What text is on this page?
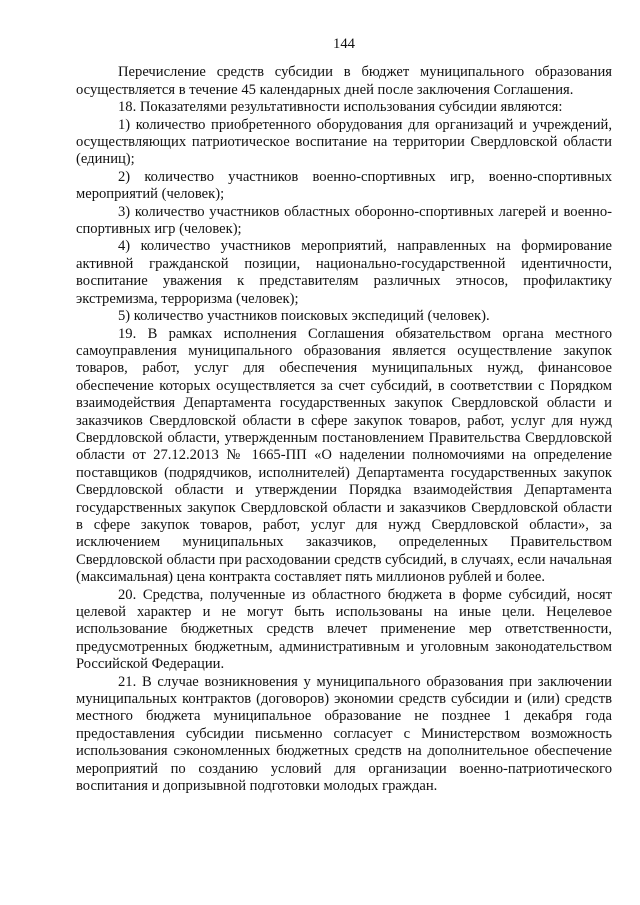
144

Перечисление средств субсидии в бюджет муниципального образования осуществляется в течение 45 календарных дней после заключения Соглашения.

18. Показателями результативности использования субсидии являются:

1) количество приобретенного оборудования для организаций и учреждений, осуществляющих патриотическое воспитание на территории Свердловской области (единиц);

2) количество участников военно-спортивных игр, военно-спортивных мероприятий (человек);

3) количество участников областных оборонно-спортивных лагерей и военно-спортивных игр (человек);

4) количество участников мероприятий, направленных на формирование активной гражданской позиции, национально-государственной идентичности, воспитание уважения к представителям различных этносов, профилактику экстремизма, терроризма (человек);

5) количество участников поисковых экспедиций (человек).

19. В рамках исполнения Соглашения обязательством органа местного самоуправления муниципального образования является осуществление закупок товаров, работ, услуг для обеспечения муниципальных нужд, финансовое обеспечение которых осуществляется за счет субсидий, в соответствии с Порядком взаимодействия Департамента государственных закупок Свердловской области и заказчиков Свердловской области в сфере закупок товаров, работ, услуг для нужд Свердловской области, утвержденным постановлением Правительства Свердловской области от 27.12.2013 № 1665-ПП «О наделении полномочиями на определение поставщиков (подрядчиков, исполнителей) Департамента государственных закупок Свердловской области и утверждении Порядка взаимодействия Департамента государственных закупок Свердловской области и заказчиков Свердловской области в сфере закупок товаров, работ, услуг для нужд Свердловской области», за исключением муниципальных заказчиков, определенных Правительством Свердловской области при расходовании средств субсидий, в случаях, если начальная (максимальная) цена контракта составляет пять миллионов рублей и более.

20. Средства, полученные из областного бюджета в форме субсидий, носят целевой характер и не могут быть использованы на иные цели. Нецелевое использование бюджетных средств влечет применение мер ответственности, предусмотренных бюджетным, административным и уголовным законодательством Российской Федерации.

21. В случае возникновения у муниципального образования при заключении муниципальных контрактов (договоров) экономии средств субсидии и (или) средств местного бюджета муниципальное образование не позднее 1 декабря года предоставления субсидии письменно согласует с Министерством возможность использования сэкономленных бюджетных средств на дополнительное обеспечение мероприятий по созданию условий для организации военно-патриотического воспитания и допризывной подготовки молодых граждан.
